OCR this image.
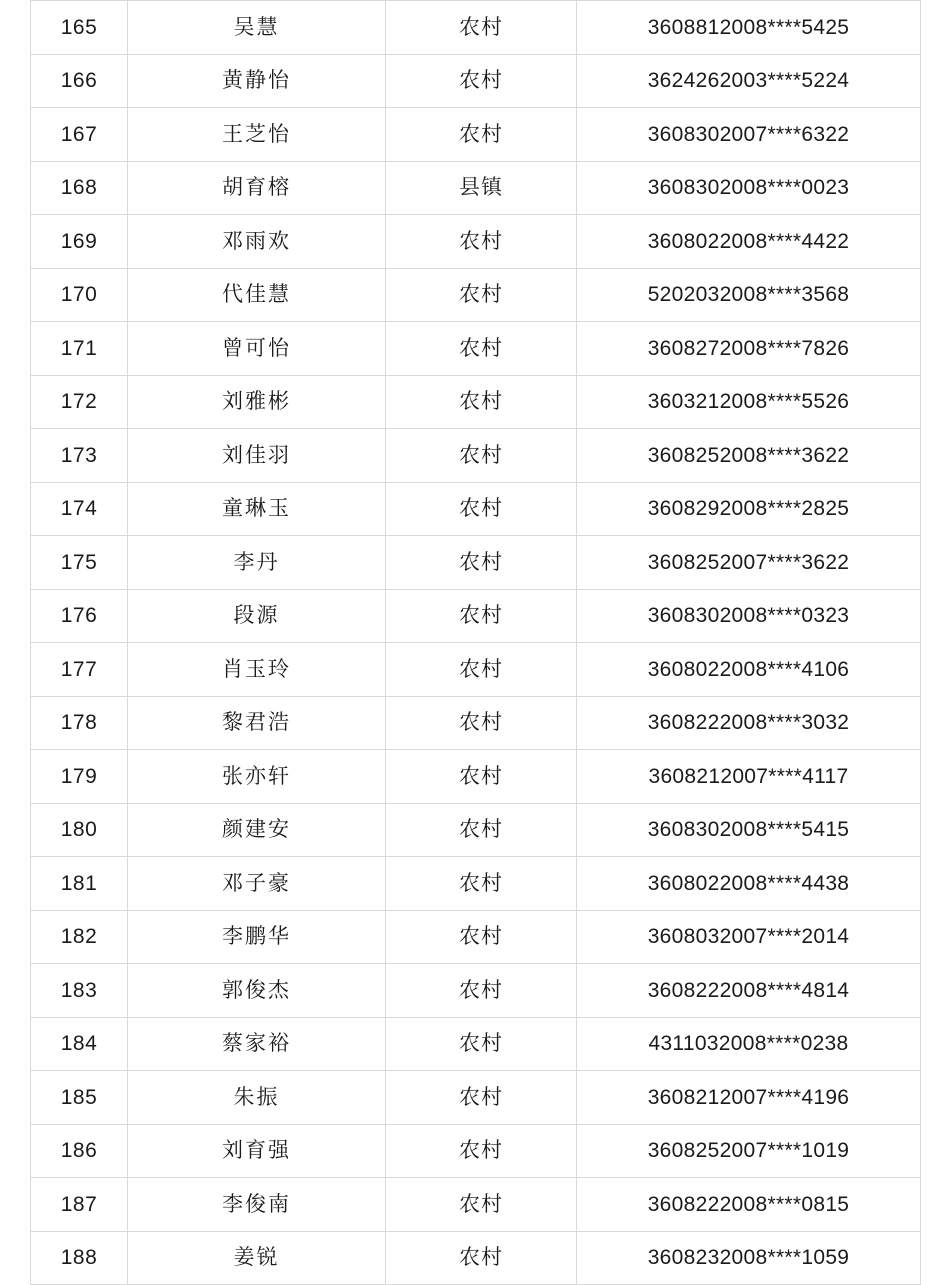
165	吴慧	农村	3608812008****5425
166	黄静怡	农村	3624262003****5224
167	王芝怡	农村	3608302007****6322
168	胡育榕	县镇	3608302008****0023
169	邓雨欢	农村	3608022008****4422
170	代佳慧	农村	5202032008****3568
171	曾可怡	农村	3608272008****7826
172	刘雅彬	农村	3603212008****5526
173	刘佳羽	农村	3608252008****3622
174	童琳玉	农村	3608292008****2825
175	李丹	农村	3608252007****3622
176	段源	农村	3608302008****0323
177	肖玉玲	农村	3608022008****4106
178	黎君浩	农村	3608222008****3032
179	张亦轩	农村	3608212007****4117
180	颜建安	农村	3608302008****5415
181	邓子豪	农村	3608022008****4438
182	李鹏华	农村	3608032007****2014
183	郭俊杰	农村	3608222008****4814
184	蔡家裕	农村	4311032008****0238
185	朱振	农村	3608212007****4196
186	刘育强	农村	3608252007****1019
187	李俊南	农村	3608222008****0815
188	姜锐	农村	3608232008****1059
